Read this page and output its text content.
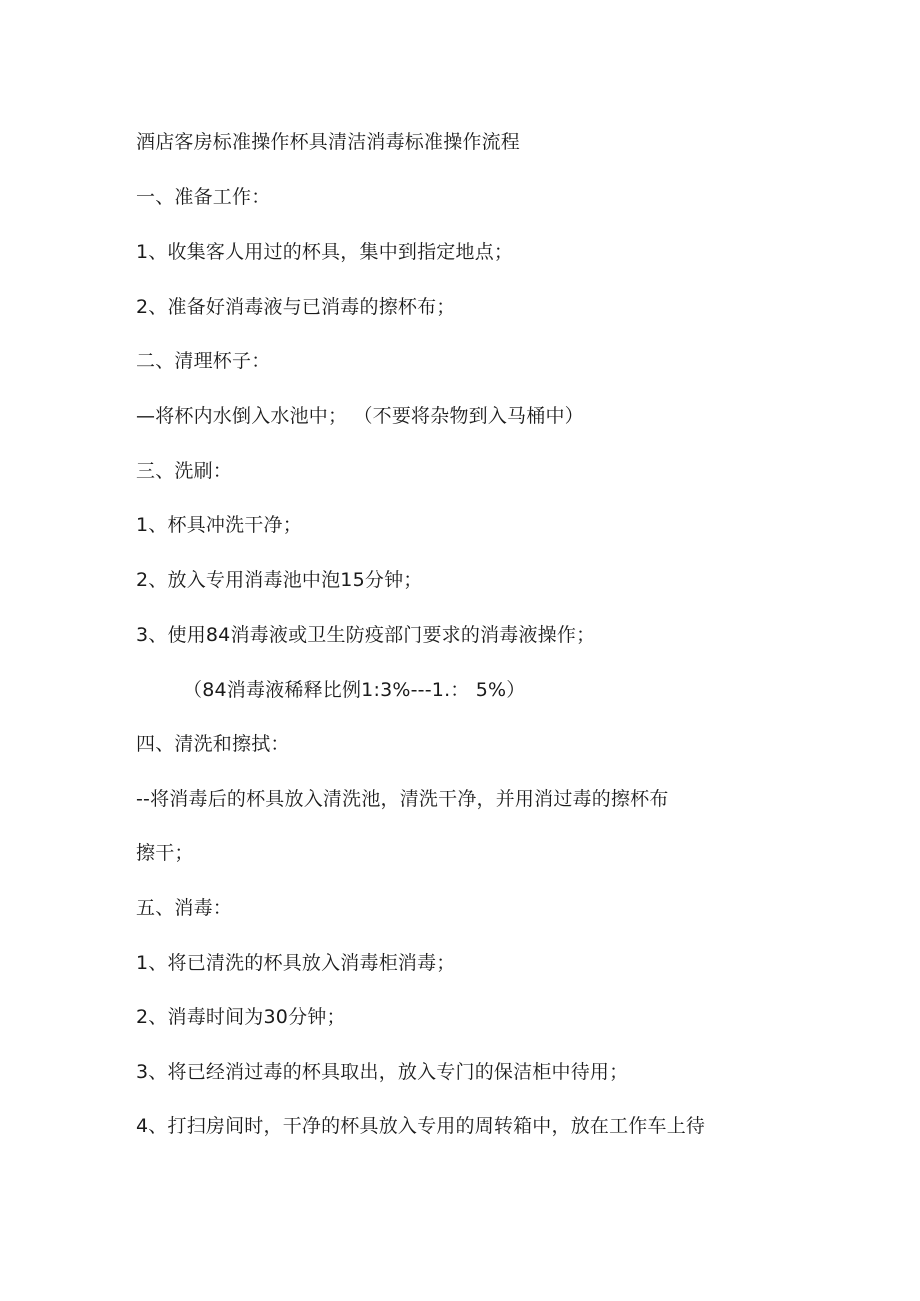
酒店客房标准操作杯具清洁消毒标准操作流程
一、准备工作：
1、收集客人用过的杯具，集中到指定地点；
2、准备好消毒液与已消毒的擦杯布；
二、清理杯子：
—将杯内水倒入水池中； （不要将杂物到入马桶中）
三、洗刷：
1、杯具冲洗干净；
2、放入专用消毒池中泡15分钟；
3、使用84消毒液或卫生防疫部门要求的消毒液操作；
（84消毒液稀释比例1:3%---1.： 5%）
四、清洗和擦拭：
--将消毒后的杯具放入清洗池，清洗干净，并用消过毒的擦杯布
擦干；
五、消毒：
1、将已清洗的杯具放入消毒柜消毒；
2、消毒时间为30分钟；
3、将已经消过毒的杯具取出，放入专门的保洁柜中待用；
4、打扫房间时，干净的杯具放入专用的周转箱中，放在工作车上待
